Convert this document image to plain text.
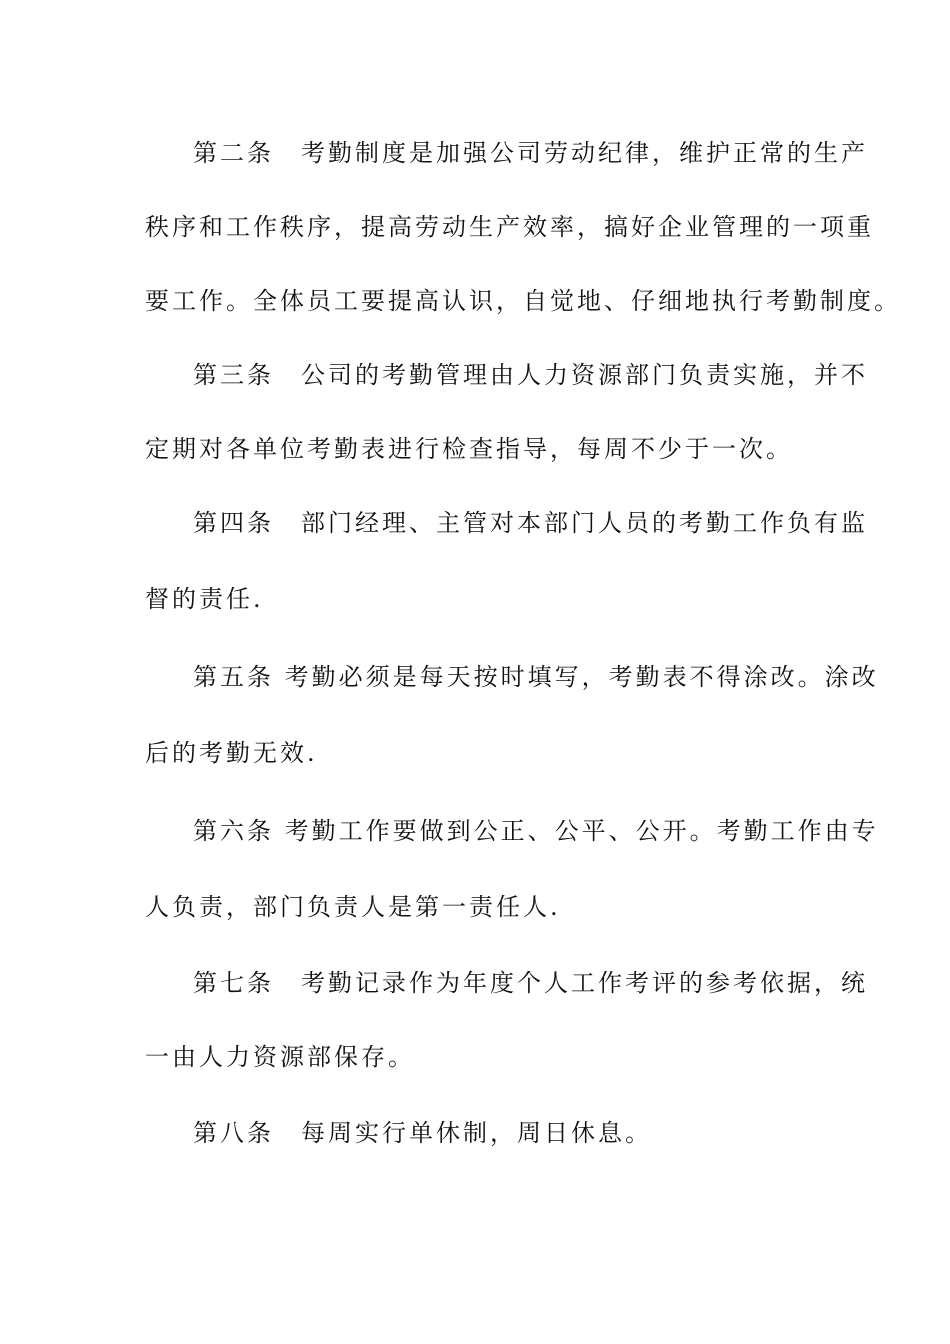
第二条　考勤制度是加强公司劳动纪律，维护正常的生产
秩序和工作秩序，提高劳动生产效率，搞好企业管理的一项重
要工作。全体员工要提高认识，自觉地、仔细地执行考勤制度。
第三条　公司的考勤管理由人力资源部门负责实施，并不
定期对各单位考勤表进行检查指导，每周不少于一次。
第四条　部门经理、主管对本部门人员的考勤工作负有监
督的责任.
第五条 考勤必须是每天按时填写，考勤表不得涂改。涂改
后的考勤无效.
第六条 考勤工作要做到公正、公平、公开。考勤工作由专
人负责，部门负责人是第一责任人.
第七条　考勤记录作为年度个人工作考评的参考依据，统
一由人力资源部保存。
第八条　每周实行单休制，周日休息。
